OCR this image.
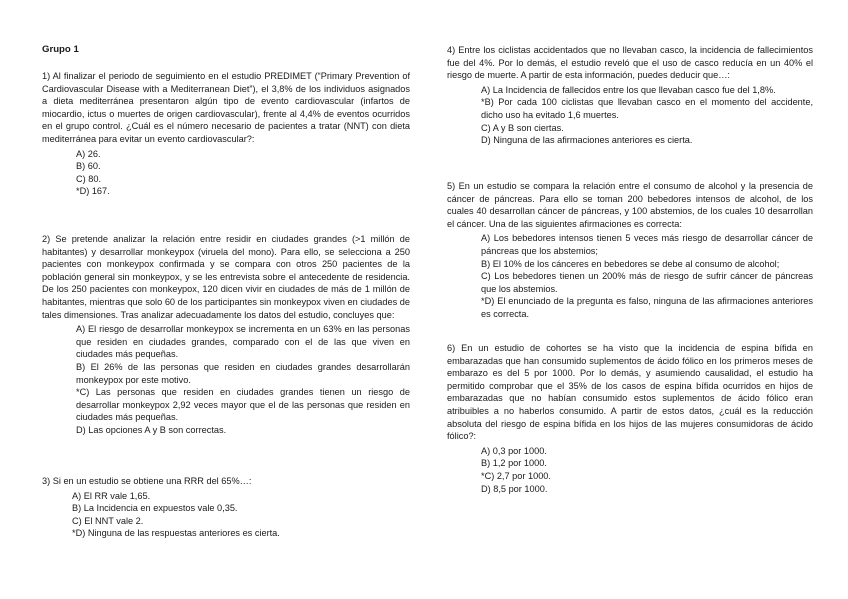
Grupo 1

1) Al finalizar el periodo de seguimiento en el estudio PREDIMET (“Primary Prevention of Cardiovascular Disease with a Mediterranean Diet”), el 3,8% de los individuos asignados a dieta mediterránea presentaron algún tipo de evento cardiovascular (infartos de miocardio, ictus o muertes de origen cardiovascular), frente al 4,4% de eventos ocurridos en el grupo control. ¿Cuál es el número necesario de pacientes a tratar (NNT) con dieta mediterránea para evitar un evento cardiovascular?:

A) 26.
B) 60.
C) 80.
*D) 167.

2) Se pretende analizar la relación entre residir en ciudades grandes (>1 millón de habitantes) y desarrollar monkeypox (viruela del mono). Para ello, se selecciona a 250 pacientes con monkeypox confirmada y se compara con otros 250 pacientes de la población general sin monkeypox, y se les entrevista sobre el antecedente de residencia. De los 250 pacientes con monkeypox, 120 dicen vivir en ciudades de más de 1 millón de habitantes, mientras que solo 60 de los participantes sin monkeypox viven en ciudades de tales dimensiones. Tras analizar adecuadamente los datos del estudio, concluyes que:

A) El riesgo de desarrollar monkeypox se incrementa en un 63% en las personas que residen en ciudades grandes, comparado con el de las que viven en ciudades más pequeñas.
B) El 26% de las personas que residen en ciudades grandes desarrollarán monkeypox por este motivo.
*C) Las personas que residen en ciudades grandes tienen un riesgo de desarrollar monkeypox 2,92 veces mayor que el de las personas que residen en ciudades más pequeñas.
D) Las opciones A y B son correctas.

3) Si en un estudio se obtiene una RRR del 65%…:

A) El RR vale 1,65.
B) La Incidencia en expuestos vale 0,35.
C) El NNT vale 2.
*D) Ninguna de las respuestas anteriores es cierta.

4) Entre los ciclistas accidentados que no llevaban casco, la incidencia de fallecimientos fue del 4%. Por lo demás, el estudio reveló que el uso de casco reducía en un 40% el riesgo de muerte. A partir de esta información, puedes deducir que…:

A) La Incidencia de fallecidos entre los que llevaban casco fue del 1,8%.
*B) Por cada 100 ciclistas que llevaban casco en el momento del accidente, dicho uso ha evitado 1,6 muertes.
C) A y B son ciertas.
D) Ninguna de las afirmaciones anteriores es cierta.

5) En un estudio se compara la relación entre el consumo de alcohol y la presencia de cáncer de páncreas. Para ello se toman 200 bebedores intensos de alcohol, de los cuales 40 desarrollan cáncer de páncreas, y 100 abstemios, de los cuales 10 desarrollan el cáncer. Una de las siguientes afirmaciones es correcta:

A) Los bebedores intensos tienen 5 veces más riesgo de desarrollar cáncer de páncreas que los abstemios;
B) El 10% de los cánceres en bebedores se debe al consumo de alcohol;
C) Los bebedores tienen un 200% más de riesgo de sufrir cáncer de páncreas que los abstemios.
*D) El enunciado de la pregunta es falso, ninguna de las afirmaciones anteriores es correcta.

6) En un estudio de cohortes se ha visto que la incidencia de espina bífida en embarazadas que han consumido suplementos de ácido fólico en los primeros meses de embarazo es del 5 por 1000. Por lo demás, y asumiendo causalidad, el estudio ha permitido comprobar que el 35% de los casos de espina bífida ocurridos en hijos de embarazadas que no habían consumido estos suplementos de ácido fólico eran atribuibles a no haberlos consumido. A partir de estos datos, ¿cuál es la reducción absoluta del riesgo de espina bífida en los hijos de las mujeres consumidoras de ácido fólico?:

A) 0,3 por 1000.
B) 1,2 por 1000.
*C) 2,7 por 1000.
D) 8,5 por 1000.
